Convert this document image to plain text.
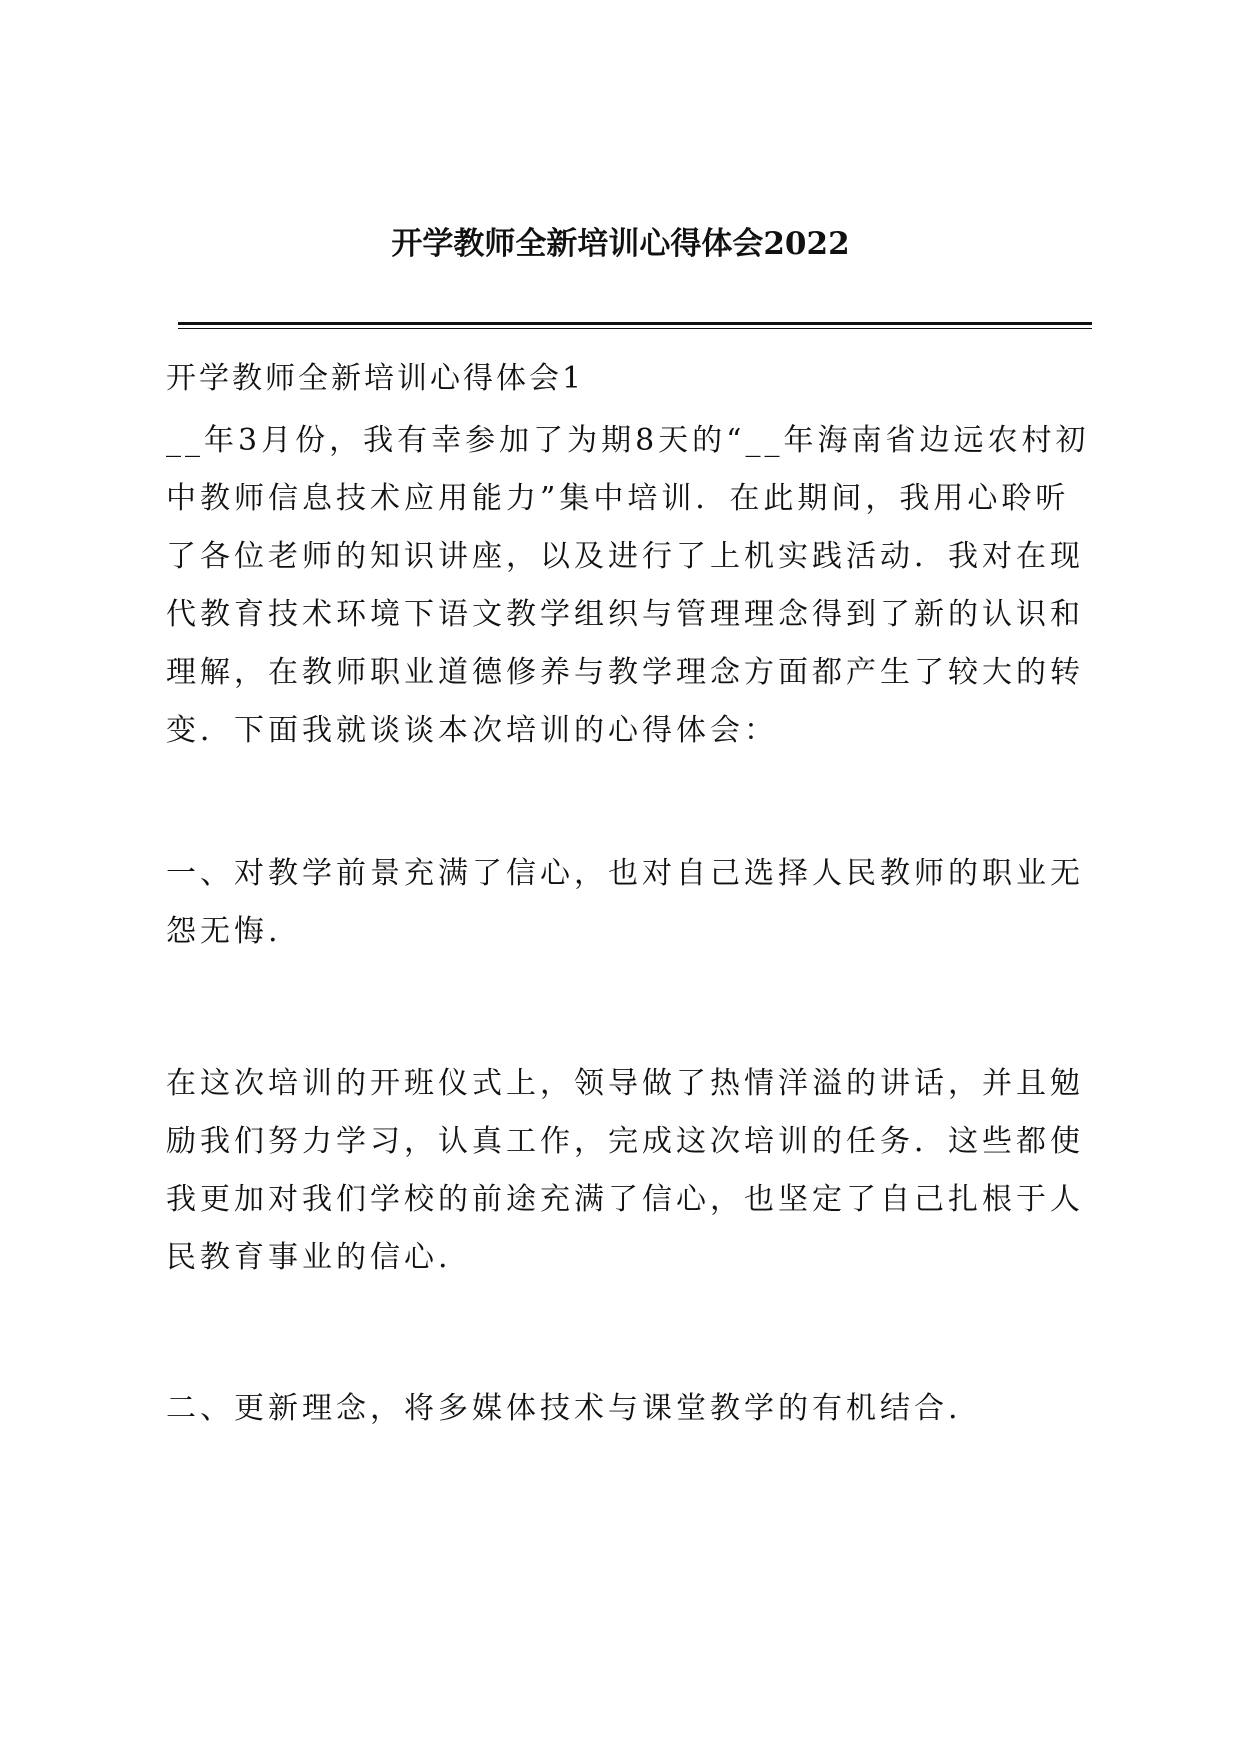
开学教师全新培训心得体会2022

开学教师全新培训心得体会1

__年3月份，我有幸参加了为期8天的“__年海南省边远农村初中教师信息技术应用能力”集中培训．在此期间，我用心聆听了各位老师的知识讲座，以及进行了上机实践活动．我对在现代教育技术环境下语文教学组织与管理理念得到了新的认识和理解，在教师职业道德修养与教学理念方面都产生了较大的转变．下面我就谈谈本次培训的心得体会：

一、对教学前景充满了信心，也对自己选择人民教师的职业无怨无悔.

在这次培训的开班仪式上，领导做了热情洋溢的讲话，并且勉励我们努力学习，认真工作，完成这次培训的任务．这些都使我更加对我们学校的前途充满了信心，也坚定了自己扎根于人民教育事业的信心.

二、更新理念，将多媒体技术与课堂教学的有机结合.
